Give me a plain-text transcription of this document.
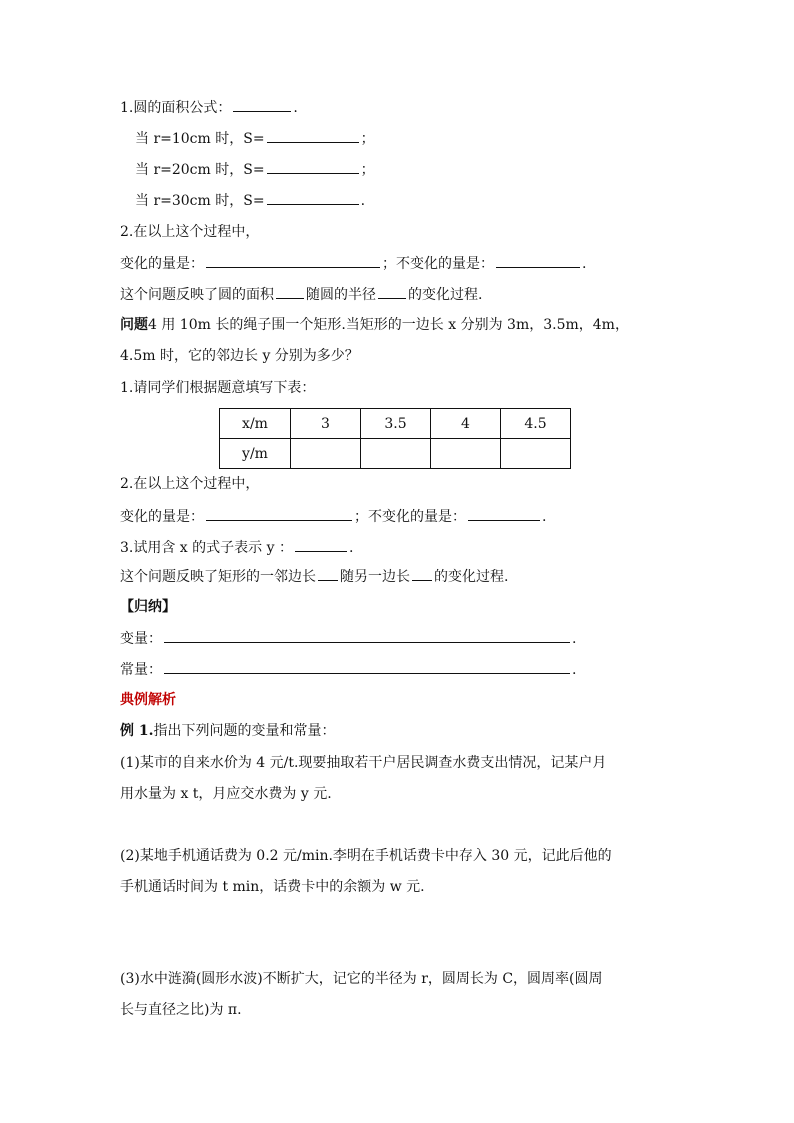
1.圆的面积公式：	.
当 r=10cm 时，S=	；
当 r=20cm 时，S=	；
当 r=30cm 时，S=	.
2.在以上这个过程中，
变化的量是：	；不变化的量是：	.
这个问题反映了圆的面积 随圆的半径 的变化过程.
问题4 用 10m 长的绳子围一个矩形.当矩形的一边长 x 分别为 3m，3.5m，4m，
4.5m 时，它的邻边长 y 分别为多少？
1.请同学们根据题意填写下表：
x/m	3	3.5	4	4.5
y/m				
2.在以上这个过程中，
变化的量是：	；不变化的量是：	.
3.试用含 x 的式子表示 y ：	.
这个问题反映了矩形的一邻边长 随另一边长 的变化过程.
【归纳】
变量：	.
常量：	.
典例解析
例 1.指出下列问题的变量和常量：
(1)某市的自来水价为 4 元/t.现要抽取若干户居民调查水费支出情况，记某户月
用水量为 x t，月应交水费为 y 元.
(2)某地手机通话费为 0.2 元/min.李明在手机话费卡中存入 30 元，记此后他的
手机通话时间为 t min，话费卡中的余额为 w 元.
(3)水中涟漪(圆形水波)不断扩大，记它的半径为 r，圆周长为 C，圆周率(圆周
长与直径之比)为 π.
